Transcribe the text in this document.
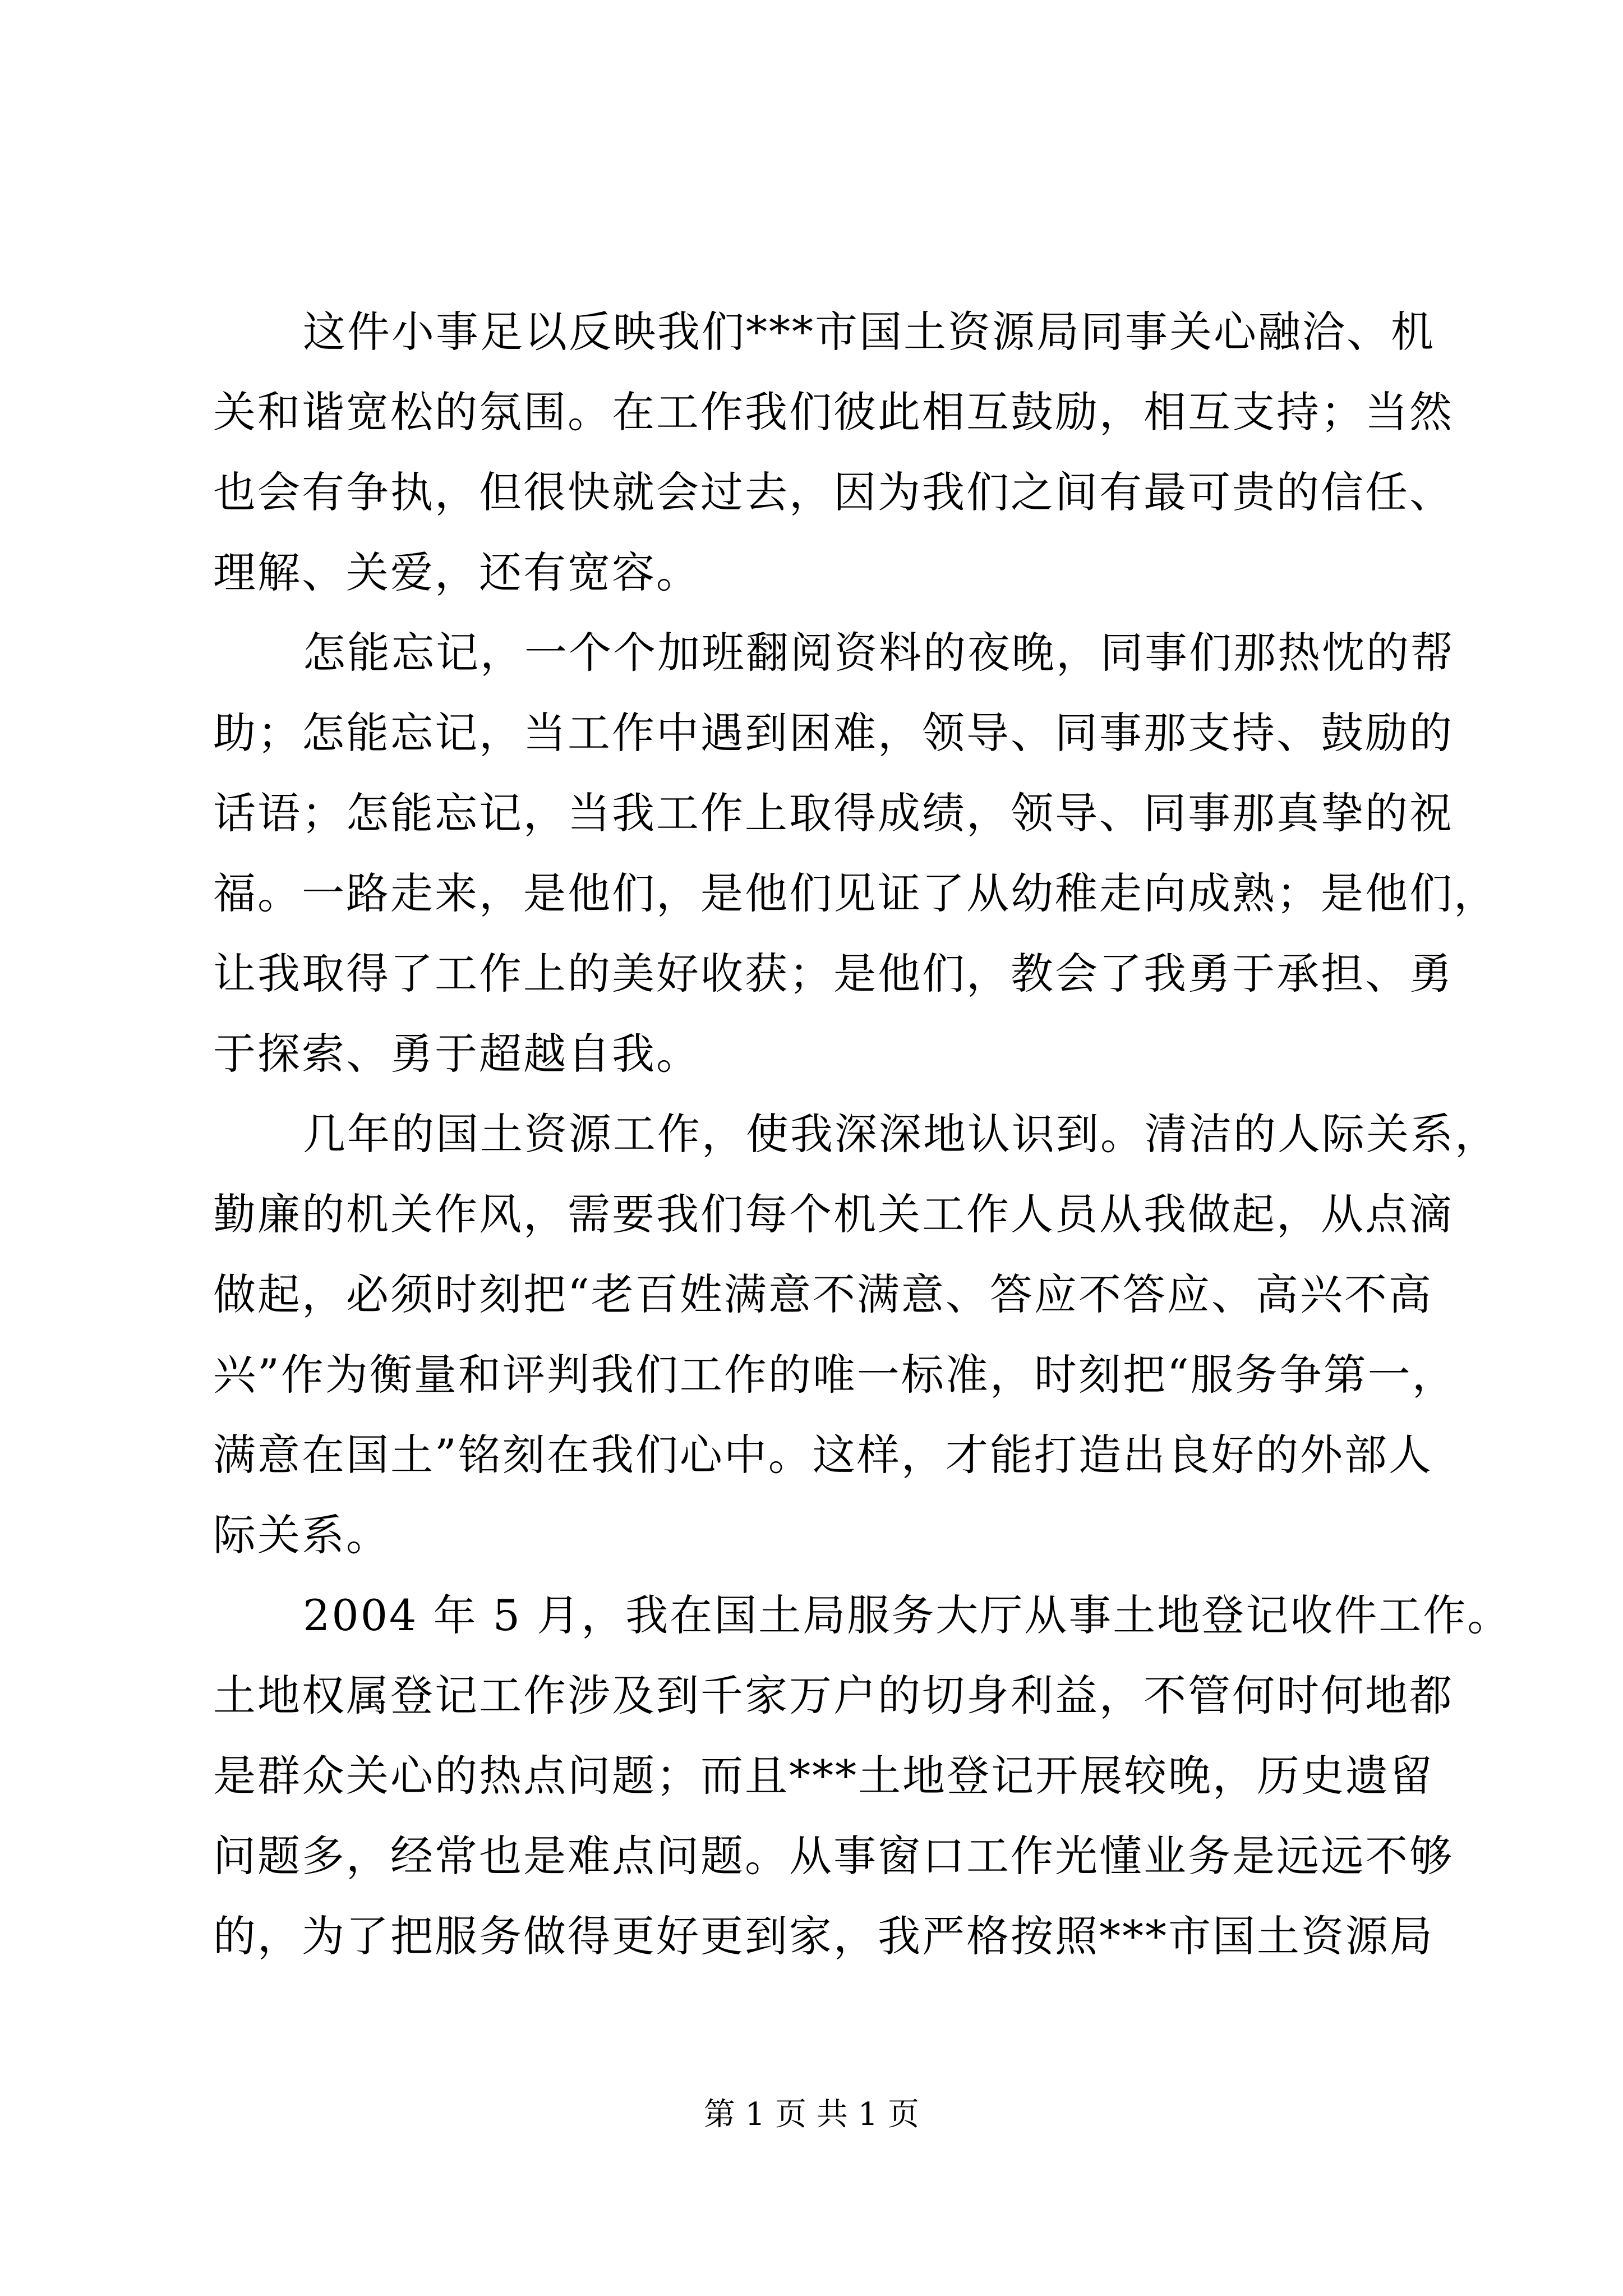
这件小事足以反映我们***市国土资源局同事关心融洽、机
关和谐宽松的氛围。在工作我们彼此相互鼓励，相互支持；当然
也会有争执，但很快就会过去，因为我们之间有最可贵的信任、
理解、关爱，还有宽容。
怎能忘记，一个个加班翻阅资料的夜晚，同事们那热忱的帮
助；怎能忘记，当工作中遇到困难，领导、同事那支持、鼓励的
话语；怎能忘记，当我工作上取得成绩，领导、同事那真挚的祝
福。一路走来，是他们，是他们见证了从幼稚走向成熟；是他们，
让我取得了工作上的美好收获；是他们，教会了我勇于承担、勇
于探索、勇于超越自我。
几年的国土资源工作，使我深深地认识到。清洁的人际关系，
勤廉的机关作风，需要我们每个机关工作人员从我做起，从点滴
做起，必须时刻把“老百姓满意不满意、答应不答应、高兴不高
兴”作为衡量和评判我们工作的唯一标准，时刻把“服务争第一，
满意在国土”铭刻在我们心中。这样，才能打造出良好的外部人
际关系。
2004 年 5 月，我在国土局服务大厅从事土地登记收件工作。
土地权属登记工作涉及到千家万户的切身利益，不管何时何地都
是群众关心的热点问题；而且***土地登记开展较晚，历史遗留
问题多，经常也是难点问题。从事窗口工作光懂业务是远远不够
的，为了把服务做得更好更到家，我严格按照***市国土资源局
第 1 页 共 1 页
